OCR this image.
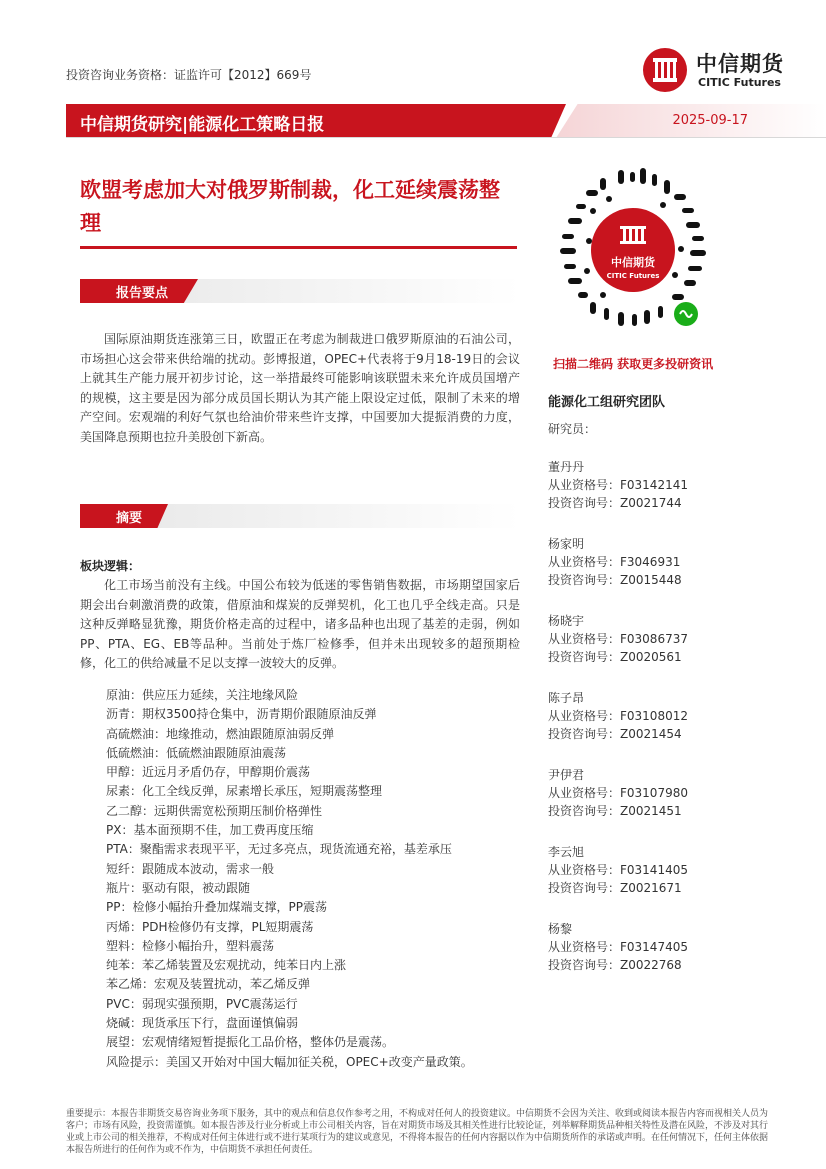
投资咨询业务资格：证监许可【2012】669号	中信期货
CITIC Futures
中信期货研究|能源化工策略日报	2025-09-17
欧盟考虑加大对俄罗斯制裁，化工延续震荡整理
报告要点
国际原油期货连涨第三日，欧盟正在考虑为制裁进口俄罗斯原油的石油公司，市场担心这会带来供给端的扰动。彭博报道，OPEC+代表将于9月18-19日的会议上就其生产能力展开初步讨论，这一举措最终可能影响该联盟未来允许成员国增产的规模，这主要是因为部分成员国长期认为其产能上限设定过低，限制了未来的增产空间。宏观端的利好气氛也给油价带来些许支撑，中国要加大提振消费的力度，美国降息预期也拉升美股创下新高。
摘要
板块逻辑：
化工市场当前没有主线。中国公布较为低迷的零售销售数据，市场期望国家后期会出台刺激消费的政策，借原油和煤炭的反弹契机，化工也几乎全线走高。只是这种反弹略显犹豫，期货价格走高的过程中，诸多品种也出现了基差的走弱，例如PP、PTA、EG、EB等品种。当前处于炼厂检修季，但并未出现较多的超预期检修，化工的供给减量不足以支撑一波较大的反弹。
原油：供应压力延续，关注地缘风险
沥青：期权3500持仓集中，沥青期价跟随原油反弹
高硫燃油：地缘推动，燃油跟随原油弱反弹
低硫燃油：低硫燃油跟随原油震荡
甲醇：近远月矛盾仍存，甲醇期价震荡
尿素：化工全线反弹，尿素增长承压，短期震荡整理
乙二醇：远期供需宽松预期压制价格弹性
PX：基本面预期不佳，加工费再度压缩
PTA：聚酯需求表现平平，无过多亮点，现货流通充裕，基差承压
短纤：跟随成本波动，需求一般
瓶片：驱动有限，被动跟随
PP：检修小幅抬升叠加煤端支撑，PP震荡
丙烯：PDH检修仍有支撑，PL短期震荡
塑料：检修小幅抬升，塑料震荡
纯苯：苯乙烯装置及宏观扰动，纯苯日内上涨
苯乙烯：宏观及装置扰动，苯乙烯反弹
PVC：弱现实强预期，PVC震荡运行
烧碱：现货承压下行，盘面谨慎偏弱
展望：宏观情绪短暂提振化工品价格，整体仍是震荡。
风险提示：美国又开始对中国大幅加征关税，OPEC+改变产量政策。
中信期货
CITIC Futures
扫描二维码 获取更多投研资讯
能源化工组研究团队
研究员：
董丹丹
从业资格号：F03142141
投资咨询号：Z0021744
杨家明
从业资格号：F3046931
投资咨询号：Z0015448
杨晓宇
从业资格号：F03086737
投资咨询号：Z0020561
陈子昂
从业资格号：F03108012
投资咨询号：Z0021454
尹伊君
从业资格号：F03107980
投资咨询号：Z0021451
李云旭
从业资格号：F03141405
投资咨询号：Z0021671
杨黎
从业资格号：F03147405
投资咨询号：Z0022768
重要提示：本报告非期货交易咨询业务项下服务，其中的观点和信息仅作参考之用，不构成对任何人的投资建议。中信期货不会因为关注、收到或阅读本报告内容而视相关人员为客户；市场有风险，投资需谨慎。如本报告涉及行业分析或上市公司相关内容，旨在对期货市场及其相关性进行比较论证，列举解释期货品种相关特性及潜在风险，不涉及对其行业或上市公司的相关推荐，不构成对任何主体进行或不进行某项行为的建议或意见，不得将本报告的任何内容据以作为中信期货所作的承诺或声明。在任何情况下，任何主体依据本报告所进行的任何作为或不作为，中信期货不承担任何责任。
